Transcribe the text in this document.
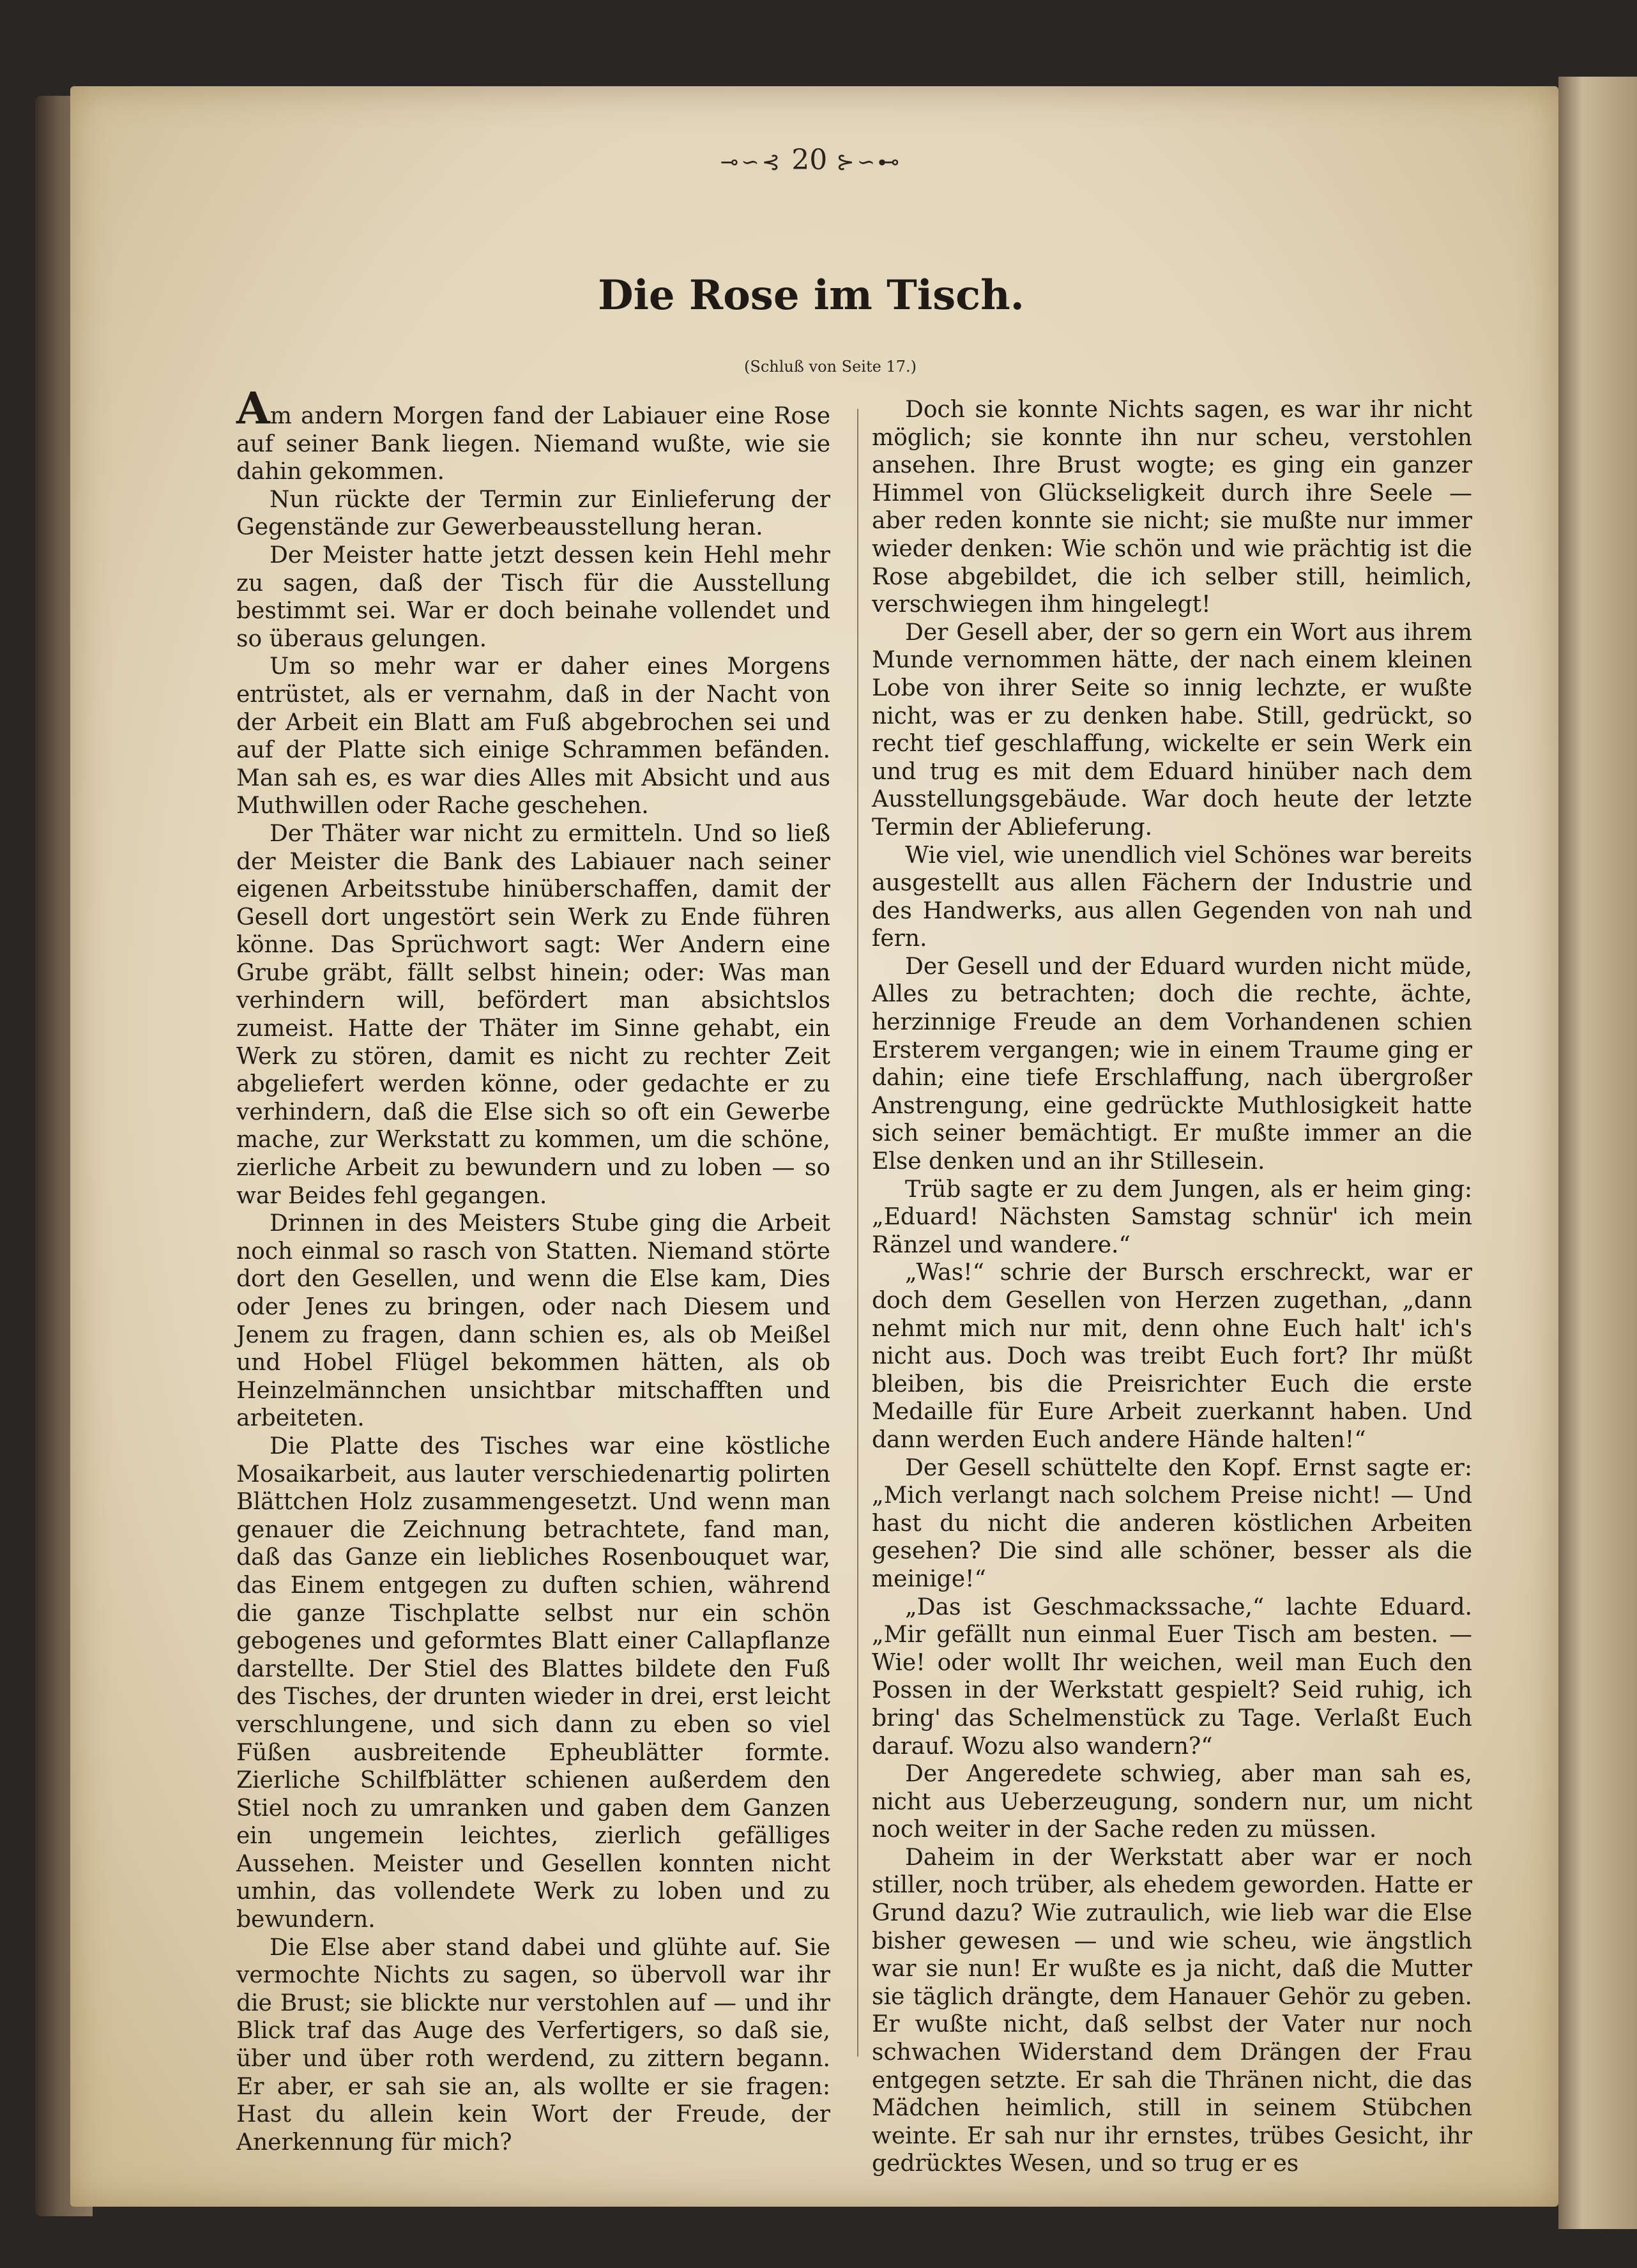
⊸∽⊰ 20 ⊱∽⊷
Die Rose im Tisch.
(Schluß von Seite 17.)

Am andern Morgen fand der Labiauer eine Rose auf seiner Bank liegen. Niemand wußte, wie sie dahin gekommen.

Nun rückte der Termin zur Einlieferung der Gegenstände zur Gewerbeausstellung heran.

Der Meister hatte jetzt dessen kein Hehl mehr zu sagen, daß der Tisch für die Ausstellung bestimmt sei. War er doch beinahe vollendet und so überaus gelungen.

Um so mehr war er daher eines Morgens entrüstet, als er vernahm, daß in der Nacht von der Arbeit ein Blatt am Fuß abgebrochen sei und auf der Platte sich einige Schrammen befänden. Man sah es, es war dies Alles mit Absicht und aus Muthwillen oder Rache geschehen.

Der Thäter war nicht zu ermitteln. Und so ließ der Meister die Bank des Labiauer nach seiner eigenen Arbeitsstube hinüberschaffen, damit der Gesell dort ungestört sein Werk zu Ende führen könne. Das Sprüchwort sagt: Wer Andern eine Grube gräbt, fällt selbst hinein; oder: Was man verhindern will, befördert man absichtslos zumeist. Hatte der Thäter im Sinne gehabt, ein Werk zu stören, damit es nicht zu rechter Zeit abgeliefert werden könne, oder gedachte er zu verhindern, daß die Else sich so oft ein Gewerbe mache, zur Werkstatt zu kommen, um die schöne, zierliche Arbeit zu bewundern und zu loben — so war Beides fehl gegangen.

Drinnen in des Meisters Stube ging die Arbeit noch einmal so rasch von Statten. Niemand störte dort den Gesellen, und wenn die Else kam, Dies oder Jenes zu bringen, oder nach Diesem und Jenem zu fragen, dann schien es, als ob Meißel und Hobel Flügel bekommen hätten, als ob Heinzelmännchen unsichtbar mitschafften und arbeiteten.

Die Platte des Tisches war eine köstliche Mosaikarbeit, aus lauter verschiedenartig polirten Blättchen Holz zusammengesetzt. Und wenn man genauer die Zeichnung betrachtete, fand man, daß das Ganze ein liebliches Rosenbouquet war, das Einem entgegen zu duften schien, während die ganze Tischplatte selbst nur ein schön gebogenes und geformtes Blatt einer Callapflanze darstellte. Der Stiel des Blattes bildete den Fuß des Tisches, der drunten wieder in drei, erst leicht verschlungene, und sich dann zu eben so viel Füßen ausbreitende Epheublätter formte. Zierliche Schilfblätter schienen außerdem den Stiel noch zu umranken und gaben dem Ganzen ein ungemein leichtes, zierlich gefälliges Aussehen. Meister und Gesellen konnten nicht umhin, das vollendete Werk zu loben und zu bewundern.

Die Else aber stand dabei und glühte auf. Sie vermochte Nichts zu sagen, so übervoll war ihr die Brust; sie blickte nur verstohlen auf — und ihr Blick traf das Auge des Verfertigers, so daß sie, über und über roth werdend, zu zittern begann. Er aber, er sah sie an, als wollte er sie fragen: Hast du allein kein Wort der Freude, der Anerkennung für mich?

Doch sie konnte Nichts sagen, es war ihr nicht möglich; sie konnte ihn nur scheu, verstohlen ansehen. Ihre Brust wogte; es ging ein ganzer Himmel von Glückseligkeit durch ihre Seele — aber reden konnte sie nicht; sie mußte nur immer wieder denken: Wie schön und wie prächtig ist die Rose abgebildet, die ich selber still, heimlich, verschwiegen ihm hingelegt!

Der Gesell aber, der so gern ein Wort aus ihrem Munde vernommen hätte, der nach einem kleinen Lobe von ihrer Seite so innig lechzte, er wußte nicht, was er zu denken habe. Still, gedrückt, so recht tief geschlaffung, wickelte er sein Werk ein und trug es mit dem Eduard hinüber nach dem Ausstellungsgebäude. War doch heute der letzte Termin der Ablieferung.

Wie viel, wie unendlich viel Schönes war bereits ausgestellt aus allen Fächern der Industrie und des Handwerks, aus allen Gegenden von nah und fern.

Der Gesell und der Eduard wurden nicht müde, Alles zu betrachten; doch die rechte, ächte, herzinnige Freude an dem Vorhandenen schien Ersterem vergangen; wie in einem Traume ging er dahin; eine tiefe Erschlaffung, nach übergroßer Anstrengung, eine gedrückte Muthlosigkeit hatte sich seiner bemächtigt. Er mußte immer an die Else denken und an ihr Stillesein.

Trüb sagte er zu dem Jungen, als er heim ging: „Eduard! Nächsten Samstag schnür' ich mein Ränzel und wandere.“

„Was!“ schrie der Bursch erschreckt, war er doch dem Gesellen von Herzen zugethan, „dann nehmt mich nur mit, denn ohne Euch halt' ich's nicht aus. Doch was treibt Euch fort? Ihr müßt bleiben, bis die Preisrichter Euch die erste Medaille für Eure Arbeit zuerkannt haben. Und dann werden Euch andere Hände halten!“

Der Gesell schüttelte den Kopf. Ernst sagte er: „Mich verlangt nach solchem Preise nicht! — Und hast du nicht die anderen köstlichen Arbeiten gesehen? Die sind alle schöner, besser als die meinige!“

„Das ist Geschmackssache,“ lachte Eduard. „Mir gefällt nun einmal Euer Tisch am besten. — Wie! oder wollt Ihr weichen, weil man Euch den Possen in der Werkstatt gespielt? Seid ruhig, ich bring' das Schelmenstück zu Tage. Verlaßt Euch darauf. Wozu also wandern?“

Der Angeredete schwieg, aber man sah es, nicht aus Ueberzeugung, sondern nur, um nicht noch weiter in der Sache reden zu müssen.

Daheim in der Werkstatt aber war er noch stiller, noch trüber, als ehedem geworden. Hatte er Grund dazu? Wie zutraulich, wie lieb war die Else bisher gewesen — und wie scheu, wie ängstlich war sie nun! Er wußte es ja nicht, daß die Mutter sie täglich drängte, dem Hanauer Gehör zu geben. Er wußte nicht, daß selbst der Vater nur noch schwachen Widerstand dem Drängen der Frau entgegen setzte. Er sah die Thränen nicht, die das Mädchen heimlich, still in seinem Stübchen weinte. Er sah nur ihr ernstes, trübes Gesicht, ihr gedrücktes Wesen, und so trug er es
